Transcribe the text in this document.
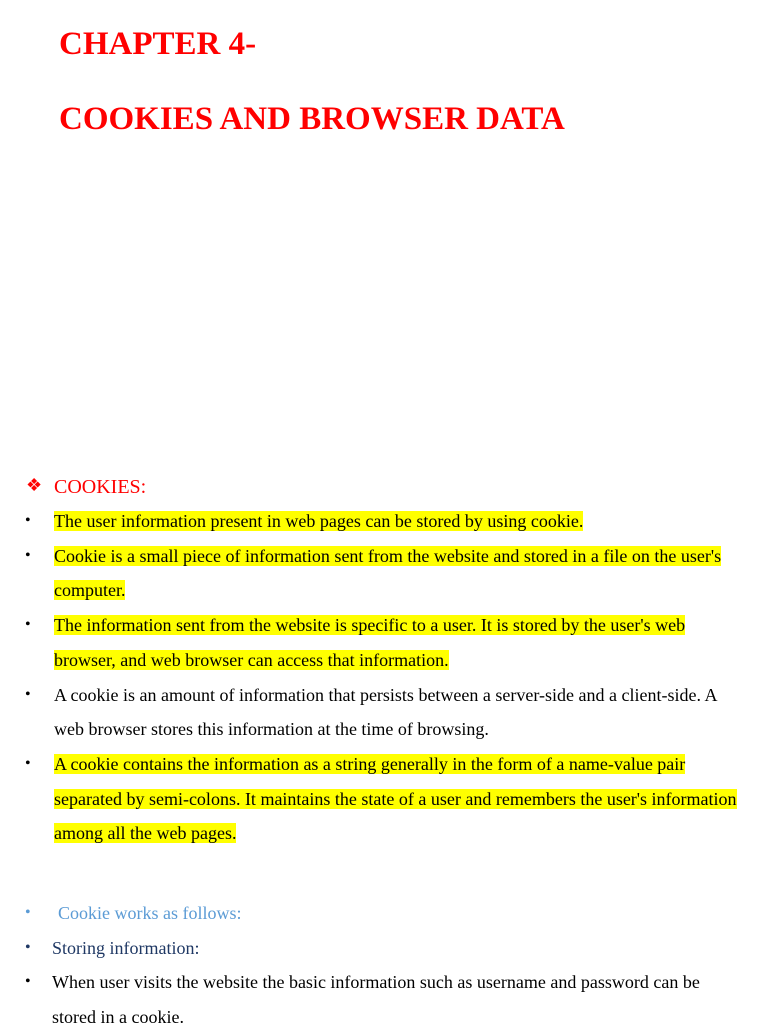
CHAPTER 4-
COOKIES AND BROWSER DATA
❖ COOKIES:
• The user information present in web pages can be stored by using cookie.
• Cookie is a small piece of information sent from the website and stored in a file on the user's computer.
• The information sent from the website is specific to a user. It is stored by the user's web browser, and web browser can access that information.
• A cookie is an amount of information that persists between a server-side and a client-side. A web browser stores this information at the time of browsing.
• A cookie contains the information as a string generally in the form of a name-value pair separated by semi-colons. It maintains the state of a user and remembers the user's information among all the web pages.
• Cookie works as follows:
• Storing information:
• When user visits the website the basic information such as username and password can be stored in a cookie.
